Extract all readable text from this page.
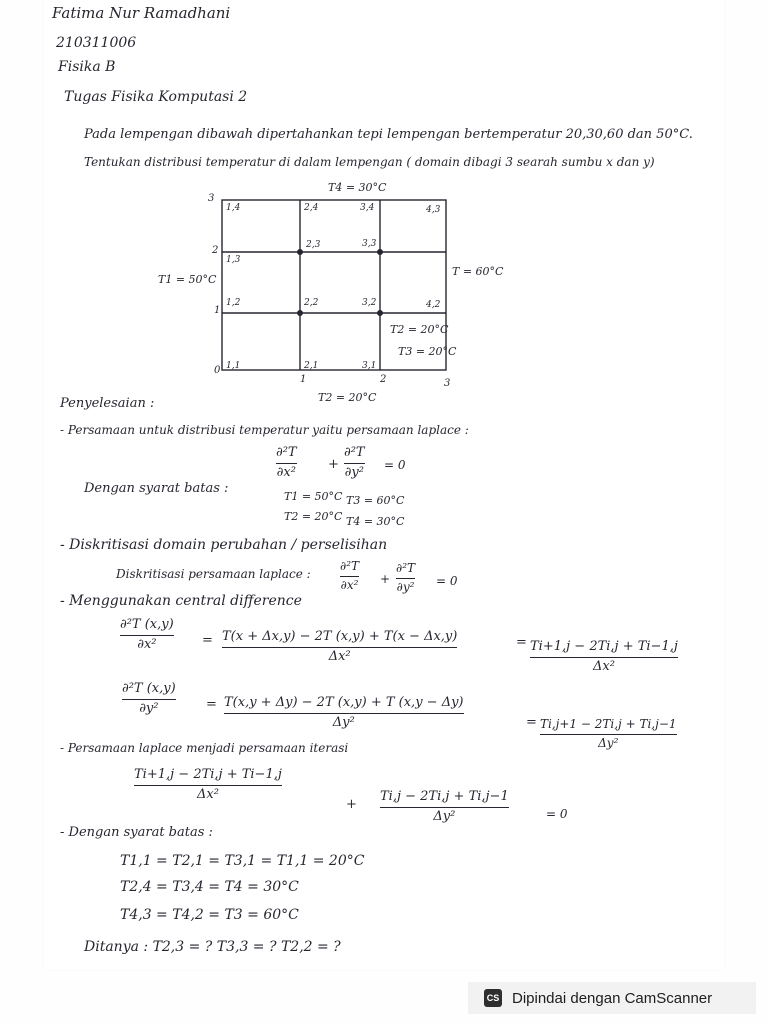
Fatima Nur Ramadhani
210311006
Fisika B
Tugas Fisika Komputasi 2
Pada lempengan dibawah dipertahankan tepi lempengan bertemperatur 20,30,60 dan 50°C.
Tentukan distribusi temperatur di dalam lempengan ( domain dibagi 3 searah sumbu x dan y)
T4 = 30°C
T1 = 50°C
T = 60°C
T2 = 20°C
T3 = 20°C
T2 = 20°C
3
2
1
0
1	2	3
1,4	2,4	3,4	4,3
2,3	3,3
1,3
1,2	2,2	3,2	4,2
1,1	2,1	3,1
Penyelesaian :
- Persamaan untuk distribusi temperatur yaitu persamaan laplace :
∂²T
∂x²
+
∂²T
∂y² = 0
Dengan syarat batas :
T1 = 50°C T3 = 60°C
T2 = 20°C T4 = 30°C
- Diskritisasi domain perubahan / perselisihan
Diskritisasi persamaan laplace :
∂²T
∂x² +
∂²T
∂y² = 0
- Menggunakan central difference
∂²T (x,y)
∂x²	= T(x + Δx,y) − 2T (x,y) + T(x − Δx,y)
Δx²
= Ti+1,j − 2Ti,j + Ti−1,j
Δx²
∂²T (x,y)
∂y²	= T(x,y + Δy) − 2T (x,y) + T (x,y − Δy)
Δy²	= Ti,j+1 − 2Ti,j + Ti,j−1
Δy²
- Persamaan laplace menjadi persamaan iterasi
Ti+1,j − 2Ti,j + Ti−1,j
Δx²
+
Ti,j − 2Ti,j + Ti,j−1
Δy²	= 0
- Dengan syarat batas :
T1,1 = T2,1 = T3,1 = T1,1 = 20°C
T2,4 = T3,4 = T4 = 30°C
T4,3 = T4,2 = T3 = 60°C
Ditanya : T2,3 = ? T3,3 = ? T2,2 = ?
CS Dipindai dengan CamScanner
